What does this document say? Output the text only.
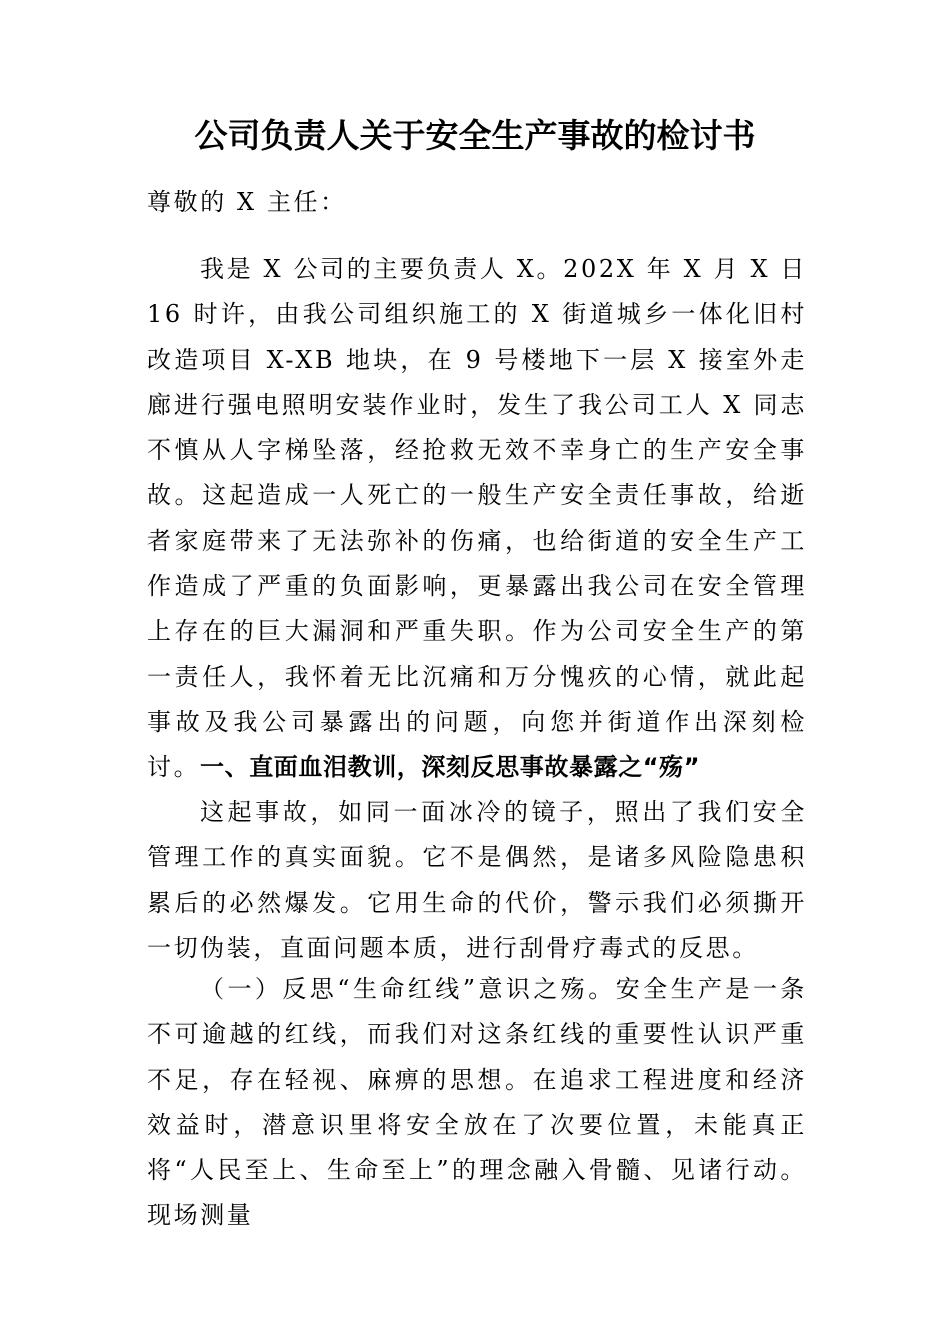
公司负责人关于安全生产事故的检讨书

尊敬的 X 主任：

我是 X 公司的主要负责人 X。202X 年 X 月 X 日 16 时许，由我公司组织施工的 X 街道城乡一体化旧村改造项目 X-XB 地块，在 9 号楼地下一层 X 接室外走廊进行强电照明安装作业时，发生了我公司工人 X 同志不慎从人字梯坠落，经抢救无效不幸身亡的生产安全事故。这起造成一人死亡的一般生产安全责任事故，给逝者家庭带来了无法弥补的伤痛，也给街道的安全生产工作造成了严重的负面影响，更暴露出我公司在安全管理上存在的巨大漏洞和严重失职。作为公司安全生产的第一责任人，我怀着无比沉痛和万分愧疚的心情，就此起事故及我公司暴露出的问题，向您并街道作出深刻检讨。 一、直面血泪教训，深刻反思事故暴露之“殇”

这起事故，如同一面冰冷的镜子，照出了我们安全管理工作的真实面貌。它不是偶然，是诸多风险隐患积累后的必然爆发。它用生命的代价，警示我们必须撕开一切伪装，直面问题本质，进行刮骨疗毒式的反思。

（一）反思“生命红线”意识之殇。安全生产是一条不可逾越的红线，而我们对这条红线的重要性认识严重不足，存在轻视、麻痹的思想。在追求工程进度和经济效益时，潜意识里将安全放在了次要位置，未能真正将“人民至上、生命至上”的理念融入骨髓、见诸行动。现场测量
